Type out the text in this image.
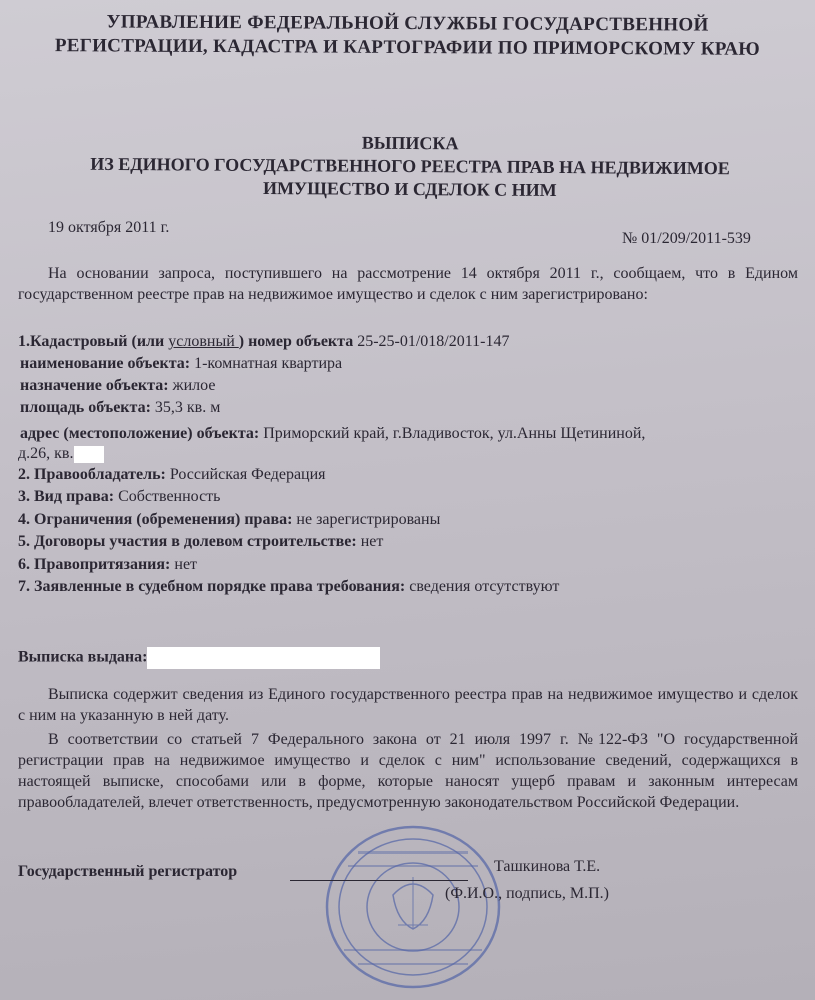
УПРАВЛЕНИЕ ФЕДЕРАЛЬНОЙ СЛУЖБЫ ГОСУДАРСТВЕННОЙ
РЕГИСТРАЦИИ, КАДАСТРА И КАРТОГРАФИИ ПО ПРИМОРСКОМУ КРАЮ
ВЫПИСКА
ИЗ ЕДИНОГО ГОСУДАРСТВЕННОГО РЕЕСТРА ПРАВ НА НЕДВИЖИМОЕ
ИМУЩЕСТВО И СДЕЛОК С НИМ
19 октября 2011 г.
№ 01/209/2011-539
На основании запроса, поступившего на рассмотрение 14 октября 2011 г., сообщаем, что в Едином государственном реестре прав на недвижимое имущество и сделок с ним зарегистрировано:
1.Кадастровый (или условный ) номер объекта 25-25-01/018/2011-147
наименование объекта: 1-комнатная квартира
назначение объекта: жилое
площадь объекта: 35,3 кв. м
адрес (местоположение) объекта: Приморский край, г.Владивосток, ул.Анны Щетининой,
д.26, кв.
2. Правообладатель: Российская Федерация
3. Вид права: Собственность
4. Ограничения (обременения) права: не зарегистрированы
5. Договоры участия в долевом строительстве: нет
6. Правопритязания: нет
7. Заявленные в судебном порядке права требования: сведения отсутствуют
Выписка выдана:
Выписка содержит сведения из Единого государственного реестра прав на недвижимое имущество и сделок с ним на указанную в ней дату.
В соответствии со статьей 7 Федерального закона от 21 июля 1997 г. №122-ФЗ "О государственной регистрации прав на недвижимое имущество и сделок с ним" использование сведений, содержащихся в настоящей выписке, способами или в форме, которые наносят ущерб правам и законным интересам правообладателей, влечет ответственность, предусмотренную законодательством Российской Федерации.
Государственный регистратор	Ташкинова Т.Е.
(Ф.И.О., подпись, М.П.)
